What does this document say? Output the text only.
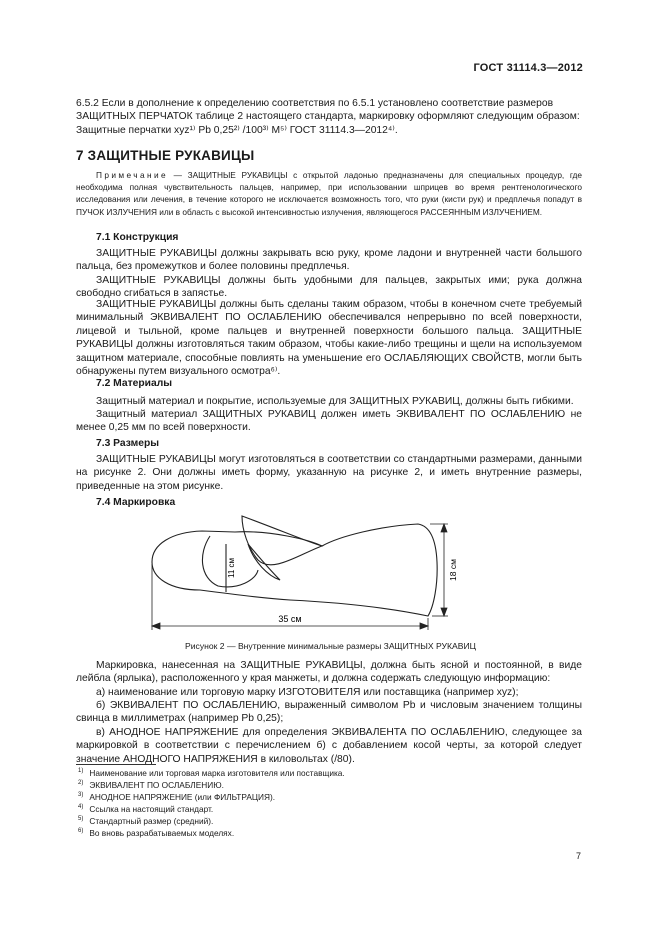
ГОСТ 31114.3—2012
6.5.2 Если в дополнение к определению соответствия по 6.5.1 установлено соответствие размеров
ЗАЩИТНЫХ ПЕРЧАТОК таблице 2 настоящего стандарта, маркировку оформляют следующим образом:
Защитные перчатки xyz¹⁾ Pb 0,25²⁾ /100³⁾ M⁵⁾ ГОСТ 31114.3—2012⁴⁾.
7 ЗАЩИТНЫЕ РУКАВИЦЫ
Примечание — ЗАЩИТНЫЕ РУКАВИЦЫ с открытой ладонью предназначены для специальных процедур, где необходима полная чувствительность пальцев, например, при использовании шприцев во время рентгенологического исследования или лечения, в течение которого не исключается возможность того, что руки (кисти рук) и предплечья попадут в ПУЧОК ИЗЛУЧЕНИЯ или в область с высокой интенсивностью излучения, являющегося РАССЕЯННЫМ ИЗЛУЧЕНИЕМ.
7.1 Конструкция
ЗАЩИТНЫЕ РУКАВИЦЫ должны закрывать всю руку, кроме ладони и внутренней части большого пальца, без промежутков и более половины предплечья.
ЗАЩИТНЫЕ РУКАВИЦЫ должны быть удобными для пальцев, закрытых ими; рука должна свободно сгибаться в запястье.
ЗАЩИТНЫЕ РУКАВИЦЫ должны быть сделаны таким образом, чтобы в конечном счете требуемый минимальный ЭКВИВАЛЕНТ ПО ОСЛАБЛЕНИЮ обеспечивался непрерывно по всей поверхности, лицевой и тыльной, кроме пальцев и внутренней поверхности большого пальца. ЗАЩИТНЫЕ РУКАВИЦЫ должны изготовляться таким образом, чтобы какие-либо трещины и щели на используемом защитном материале, способные повлиять на уменьшение его ОСЛАБЛЯЮЩИХ СВОЙСТВ, могли быть обнаружены путем визуального осмотра⁶⁾.
7.2 Материалы
Защитный материал и покрытие, используемые для ЗАЩИТНЫХ РУКАВИЦ, должны быть гибкими.
Защитный материал ЗАЩИТНЫХ РУКАВИЦ должен иметь ЭКВИВАЛЕНТ ПО ОСЛАБЛЕНИЮ не менее 0,25 мм по всей поверхности.
7.3 Размеры
ЗАЩИТНЫЕ РУКАВИЦЫ могут изготовляться в соответствии со стандартными размерами, данными на рисунке 2. Они должны иметь форму, указанную на рисунке 2, и иметь внутренние размеры, приведенные на этом рисунке.
7.4 Маркировка
35 см
18 см
11 см
Рисунок 2 — Внутренние минимальные размеры ЗАЩИТНЫХ РУКАВИЦ
Маркировка, нанесенная на ЗАЩИТНЫЕ РУКАВИЦЫ, должна быть ясной и постоянной, в виде лейбла (ярлыка), расположенного у края манжеты, и должна содержать следующую информацию:
а) наименование или торговую марку ИЗГОТОВИТЕЛЯ или поставщика (например xyz);
б) ЭКВИВАЛЕНТ ПО ОСЛАБЛЕНИЮ, выраженный символом Pb и числовым значением толщины свинца в миллиметрах (например Pb 0,25);
в) АНОДНОЕ НАПРЯЖЕНИЕ для определения ЭКВИВАЛЕНТА ПО ОСЛАБЛЕНИЮ, следующее за маркировкой в соответствии с перечислением б) с добавлением косой черты, за которой следует значение АНОДНОГО НАПРЯЖЕНИЯ в киловольтах (/80).
$^{1)}$ Наименование или торговая марка изготовителя или поставщика.
$^{2)}$ ЭКВИВАЛЕНТ ПО ОСЛАБЛЕНИЮ.
$^{3)}$ АНОДНОЕ НАПРЯЖЕНИЕ (или ФИЛЬТРАЦИЯ).
$^{4)}$ Ссылка на настоящий стандарт.
$^{5)}$ Стандартный размер (средний).
$^{6)}$ Во вновь разрабатываемых моделях.
7
